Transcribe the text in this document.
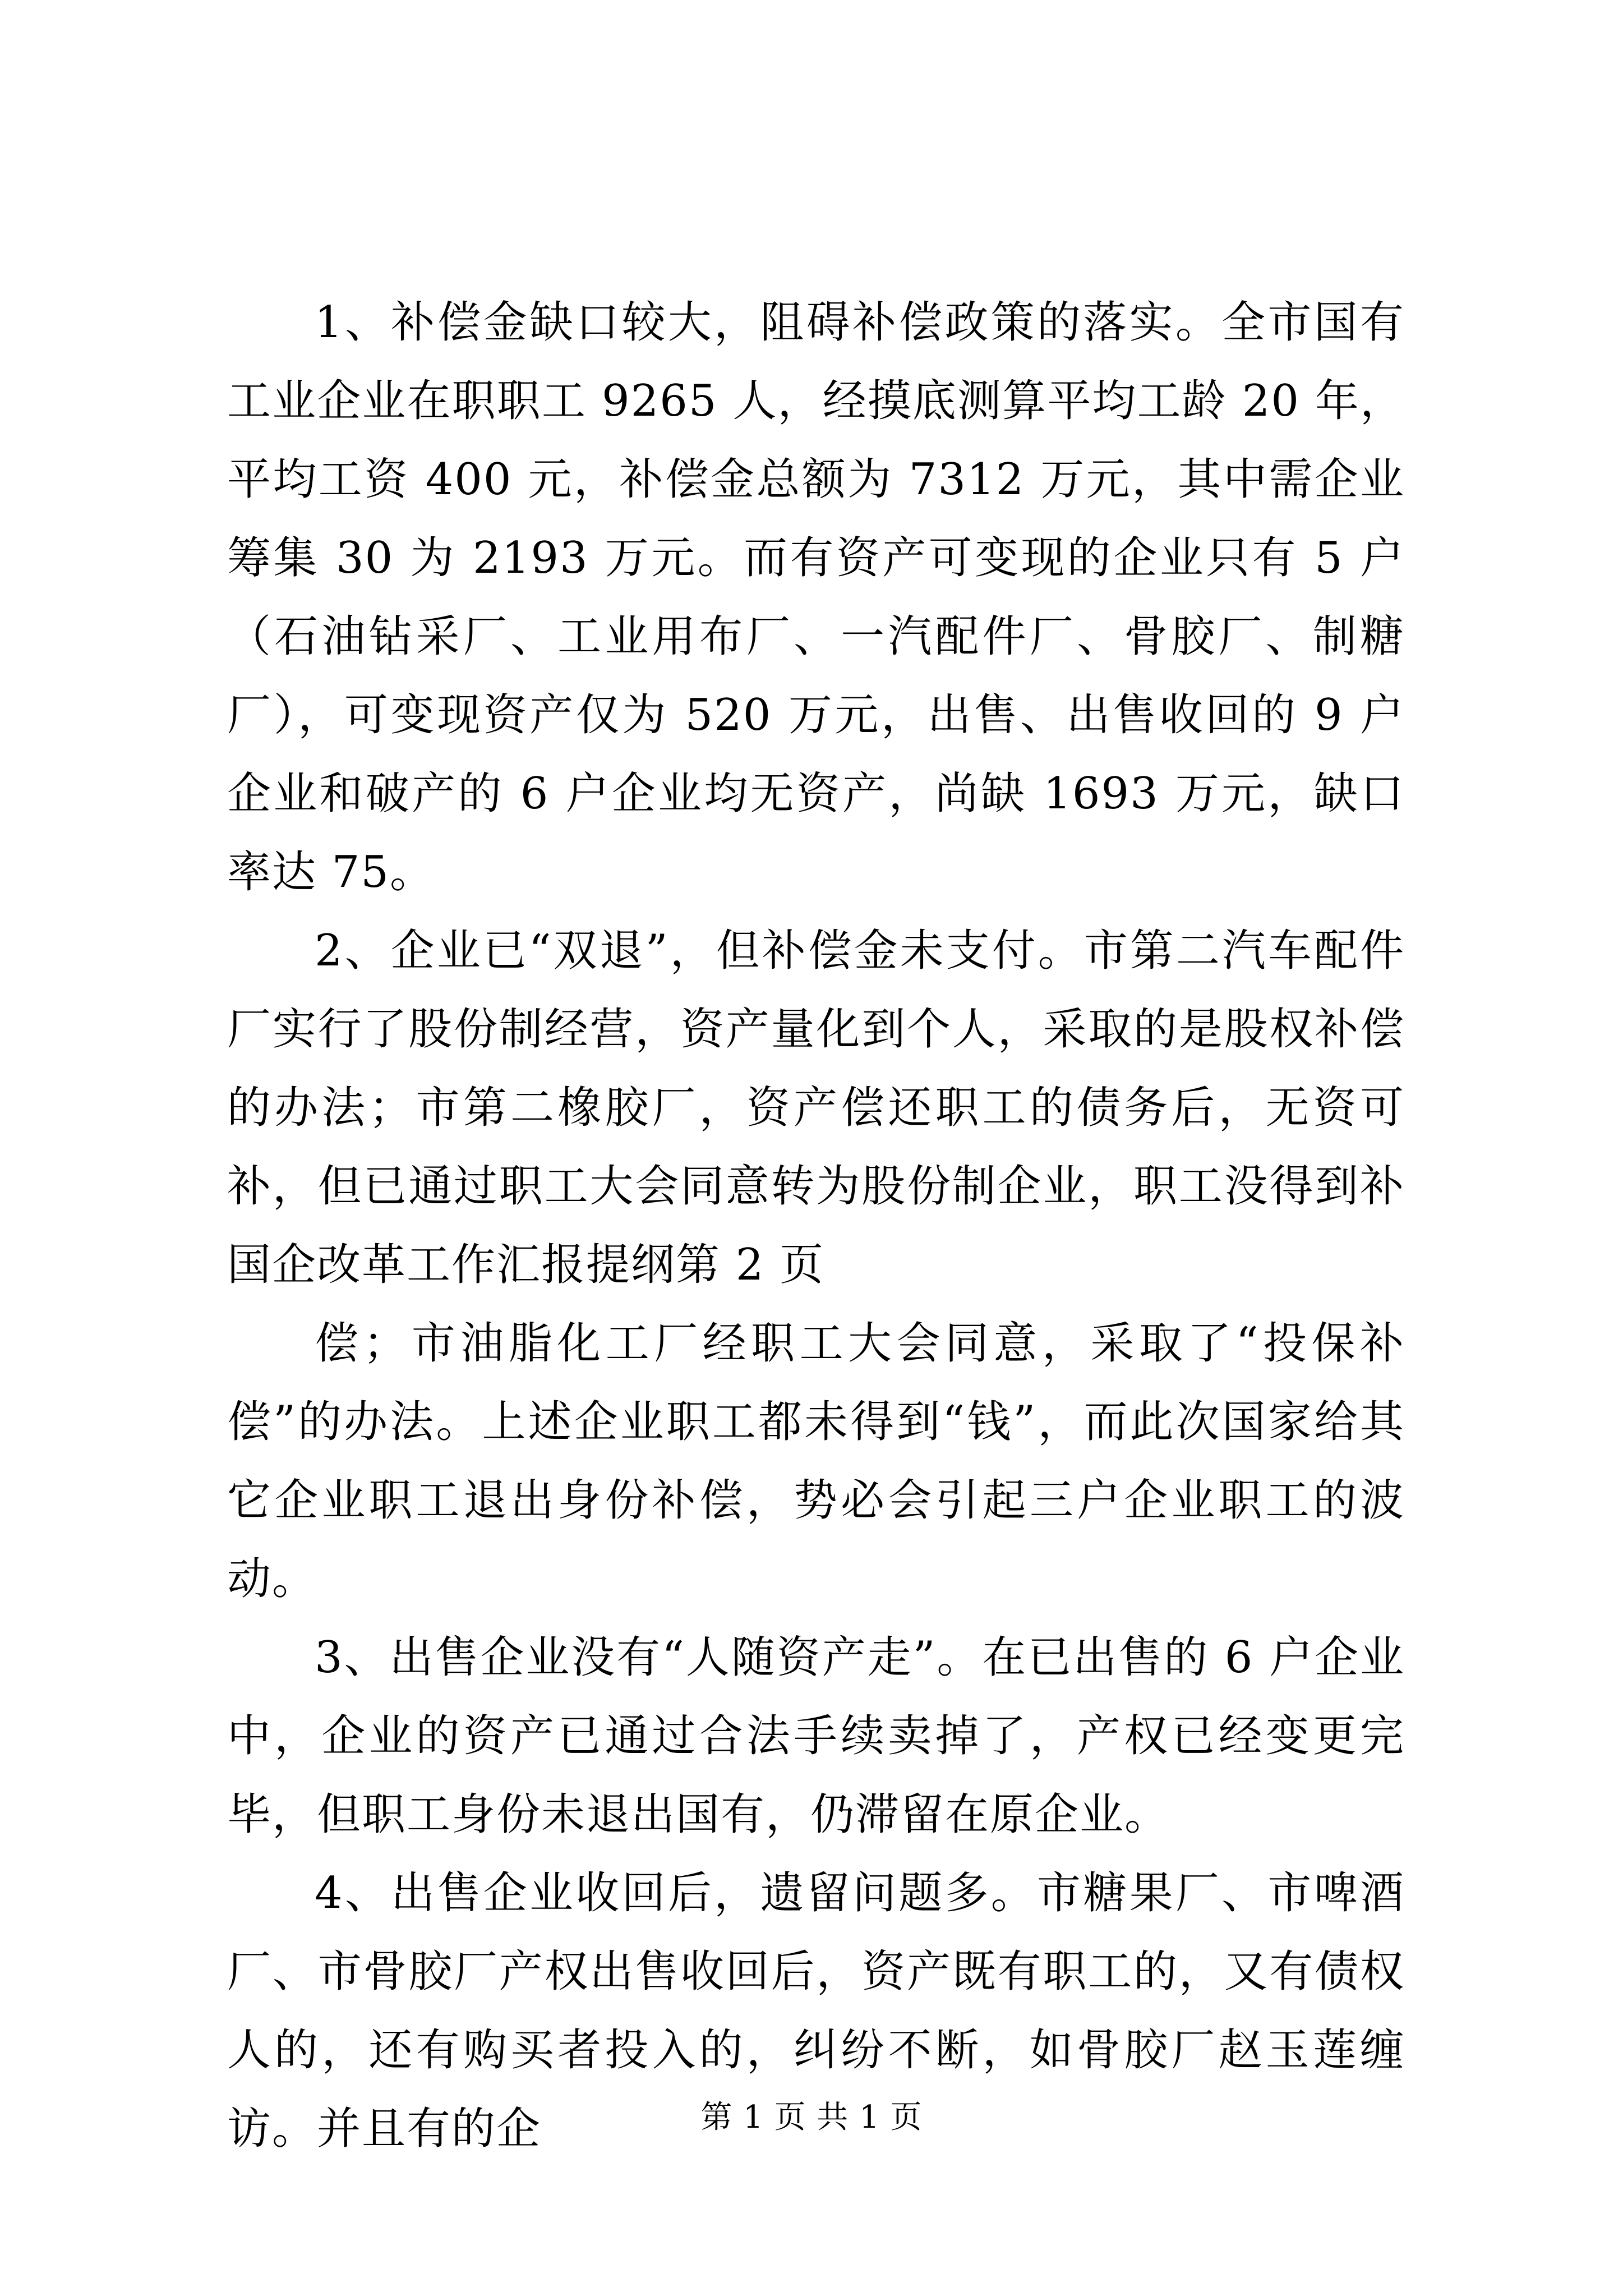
1、补偿金缺口较大，阻碍补偿政策的落实。全市国有工业企业在职职工 9265 人，经摸底测算平均工龄 20 年，平均工资 400 元，补偿金总额为 7312 万元，其中需企业筹集 30 为 2193 万元。而有资产可变现的企业只有 5 户（石油钻采厂、工业用布厂、一汽配件厂、骨胶厂、制糖厂），可变现资产仅为 520 万元，出售、出售收回的 9 户企业和破产的 6 户企业均无资产，尚缺 1693 万元，缺口率达 75。

2、企业已“双退”，但补偿金未支付。市第二汽车配件厂实行了股份制经营，资产量化到个人，采取的是股权补偿的办法；市第二橡胶厂，资产偿还职工的债务后，无资可补，但已通过职工大会同意转为股份制企业，职工没得到补国企改革工作汇报提纲第 2 页

偿；市油脂化工厂经职工大会同意，采取了“投保补偿”的办法。上述企业职工都未得到“钱”，而此次国家给其它企业职工退出身份补偿，势必会引起三户企业职工的波动。

3、出售企业没有“人随资产走”。在已出售的 6 户企业中，企业的资产已通过合法手续卖掉了，产权已经变更完毕，但职工身份未退出国有，仍滞留在原企业。

4、出售企业收回后，遗留问题多。市糖果厂、市啤酒厂、市骨胶厂产权出售收回后，资产既有职工的，又有债权人的，还有购买者投入的，纠纷不断，如骨胶厂赵玉莲缠访。并且有的企	第 1 页 共 1 页
